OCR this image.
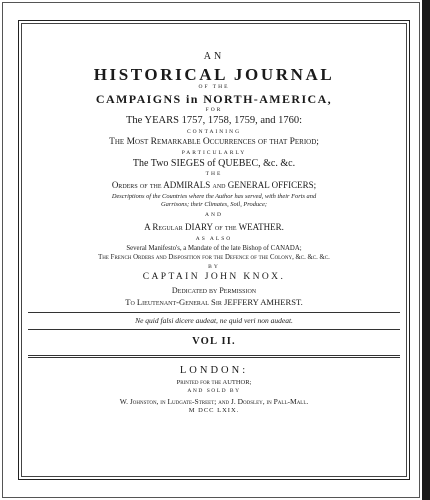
AN
HISTORICAL JOURNAL
OF THE
CAMPAIGNS in NORTH-AMERICA,
FOR
The YEARS 1757, 1758, 1759, and 1760:
CONTAINING
The Most Remarkable Occurrences of that Period;
PARTICULARLY
The Two SIEGES of QUEBEC, &c. &c.
THE
Orders of the ADMIRALS and GENERAL OFFICERS;
Descriptions of the Countries where the Author has served, with their Forts and
Garrisons; their Climates, Soil, Produce;
AND
A Regular DIARY of the WEATHER.
AS ALSO
Several Manifesto's, a Mandate of the late Bishop of CANADA;
The French Orders and Disposition for the Defence of the Colony, &c. &c. &c.
BY
CAPTAIN JOHN KNOX.
Dedicated by Permission
To Lieutenant-General Sir JEFFERY AMHERST.
Ne quid falsi dicere audeat, ne quid veri non audeat.
VOL II.
LONDON:
Printed for the AUTHOR;
AND SOLD BY
W. Johnston, in Ludgate-Street; and J. Dodsley, in Pall-Mall.
M DCC LXIX.
